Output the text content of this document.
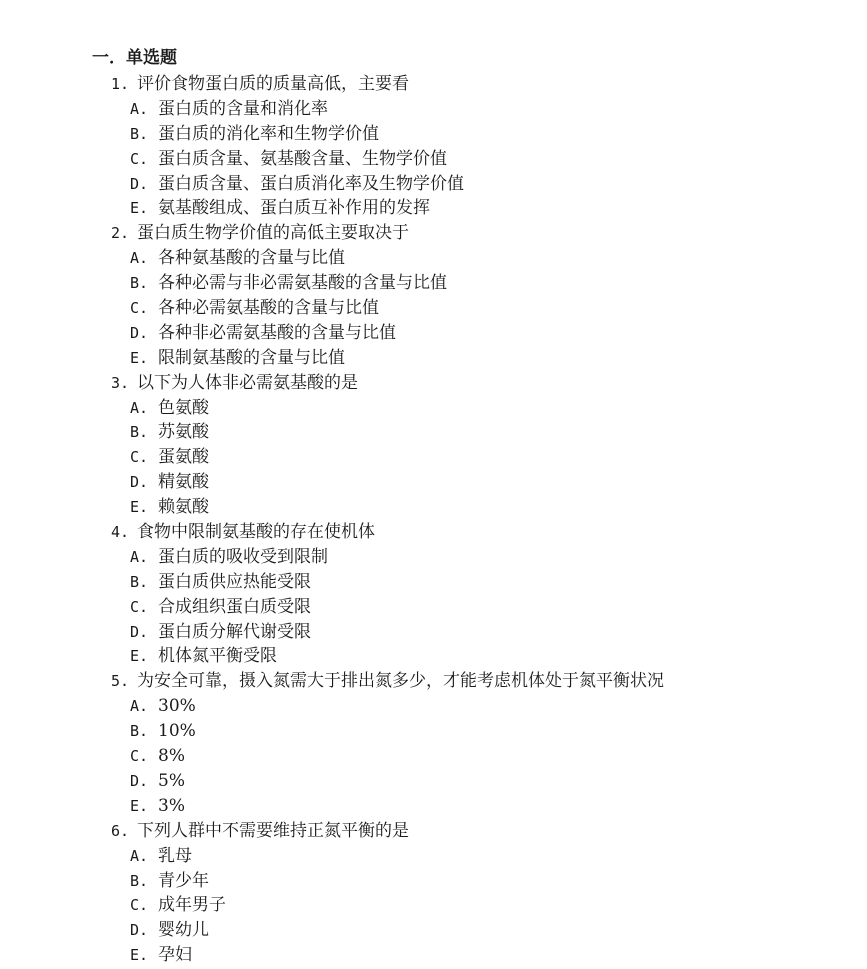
一．单选题
1. 评价食物蛋白质的质量高低，主要看
A. 蛋白质的含量和消化率
B. 蛋白质的消化率和生物学价值
C. 蛋白质含量、氨基酸含量、生物学价值
D. 蛋白质含量、蛋白质消化率及生物学价值
E. 氨基酸组成、蛋白质互补作用的发挥
2. 蛋白质生物学价值的高低主要取决于
A. 各种氨基酸的含量与比值
B. 各种必需与非必需氨基酸的含量与比值
C. 各种必需氨基酸的含量与比值
D. 各种非必需氨基酸的含量与比值
E. 限制氨基酸的含量与比值
3. 以下为人体非必需氨基酸的是
A. 色氨酸
B. 苏氨酸
C. 蛋氨酸
D. 精氨酸
E. 赖氨酸
4. 食物中限制氨基酸的存在使机体
A. 蛋白质的吸收受到限制
B. 蛋白质供应热能受限
C. 合成组织蛋白质受限
D. 蛋白质分解代谢受限
E. 机体氮平衡受限
5. 为安全可靠，摄入氮需大于排出氮多少，才能考虑机体处于氮平衡状况
A. 30%
B. 10%
C. 8%
D. 5%
E. 3%
6. 下列人群中不需要维持正氮平衡的是
A. 乳母
B. 青少年
C. 成年男子
D. 婴幼儿
E. 孕妇
